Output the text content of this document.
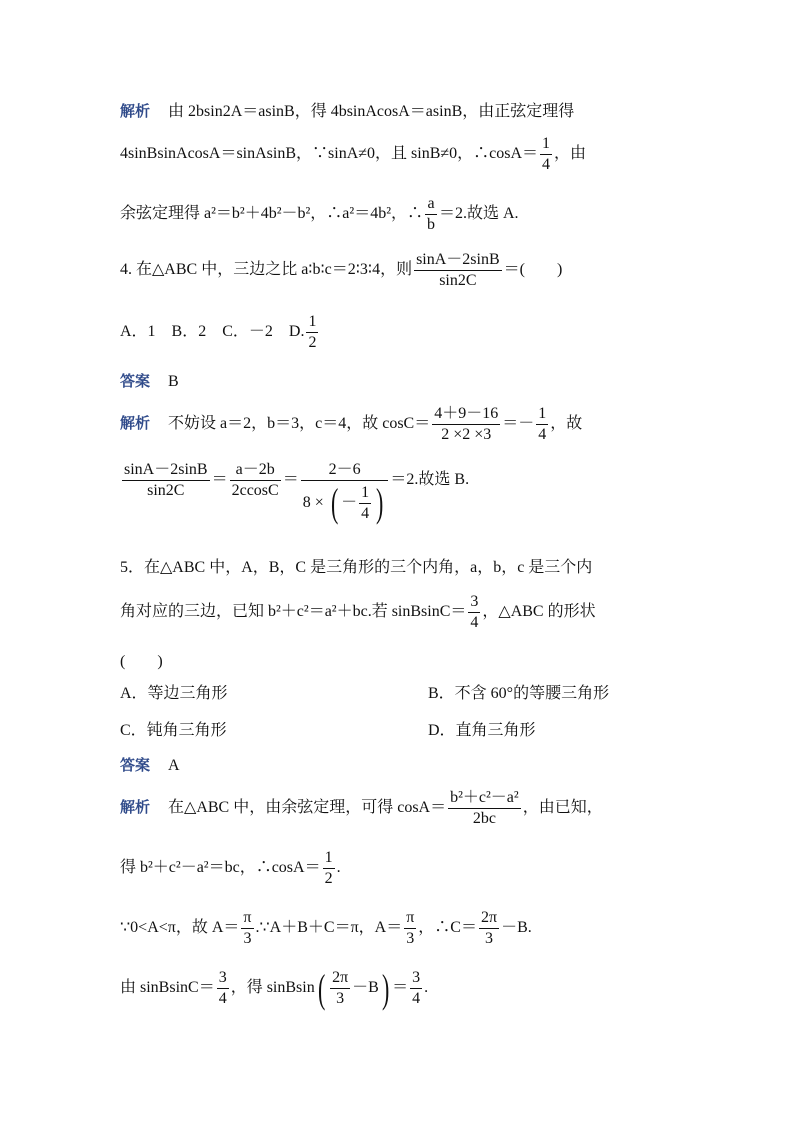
解析 由 2bsin2A＝asinB，得 4bsinAcosA＝asinB，由正弦定理得
4sinBsinAcosA＝sinAsinB，∵sinA≠0，且 sinB≠0，∴cosA＝ $\frac{1}{4}$ ，由
余弦定理得 a²＝b²＋4b²－b²，∴a²＝4b²，∴ $\frac{a}{b} =2$.故选 A.
4. 在△ABC 中，三边之比 a∶b∶c＝2∶3∶4，则 $\frac{\sin A-2\sin B}{\sin 2C}$ ＝(　　)
A．1　B．2　C．－2　D. $\frac{1}{2}$
答案 B
解析 不妨设 a＝2，b＝3，c＝4，故 $\cos C= \frac{4+9-16}{2 \times 2 \times 3} =- \frac{1}{4}$ ，故
$\frac{\sin A-2\sin B}{\sin 2C} = \frac{a-2b}{2ccosC} = \frac{2-6}{8 \times ( - \frac{1}{4} )} =2$.故选 B.
5．在△ABC 中，A，B，C 是三角形的三个内角，a，b，c 是三个内
角对应的三边，已知 b²＋c²＝a²＋bc.若 sinBsinC＝ $\frac{3}{4}$ ，△ABC 的形状
(　　)
A．等边三角形	B．不含 60°的等腰三角形
C．钝角三角形	D．直角三角形
答案 A
解析 在△ABC 中，由余弦定理，可得 $\cos A= \frac{\text{b²＋c²－a²}}{2bc}$ ，由已知，
得 b²＋c²－a²＝bc，∴cosA＝ $\frac{1}{2}$ .
∵0<A<π，故 $A= \frac{\pi}{3}$ .∵A＋B＋C＝π，$A= \frac{\pi}{3}$ ，∴C＝ $\frac{2\pi}{3} -B$.
由 sinBsinC＝ $\frac{3}{4}$ ，得 sinBsin( $\frac{2\pi}{3} -B) = \frac{3}{4}$ .
